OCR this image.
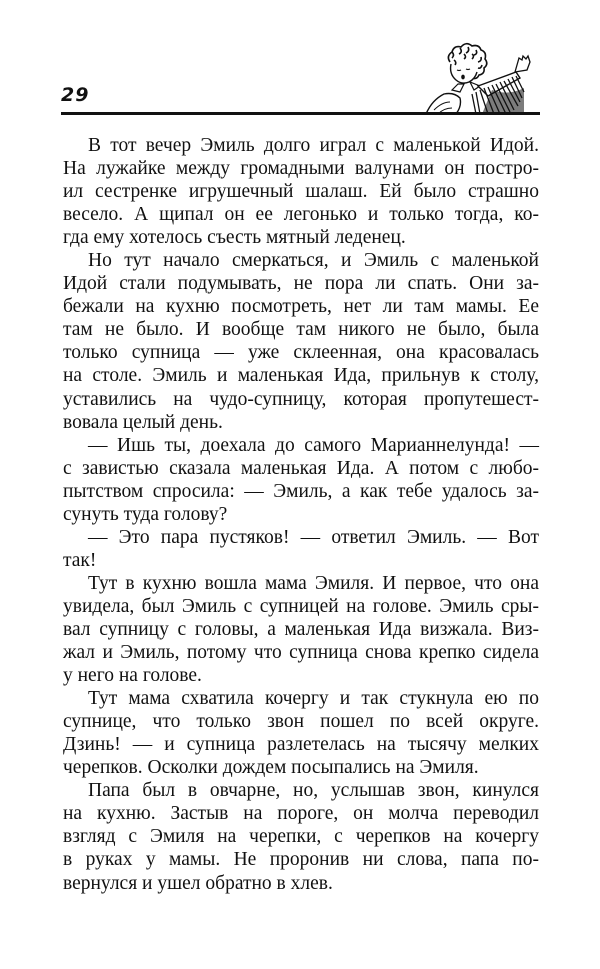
29
В тот вечер Эмиль долго играл с маленькой Идой.
На лужайке между громадными валунами он постро-
ил сестренке игрушечный шалаш. Ей было страшно
весело. А щипал он ее легонько и только тогда, ко-
гда ему хотелось съесть мятный леденец.
Но тут начало смеркаться, и Эмиль с маленькой
Идой стали подумывать, не пора ли спать. Они за-
бежали на кухню посмотреть, нет ли там мамы. Ее
там не было. И вообще там никого не было, была
только супница — уже склеенная, она красовалась
на столе. Эмиль и маленькая Ида, прильнув к столу,
уставились на чудо-супницу, которая пропутешест-
вовала целый день.
— Ишь ты, доехала до самого Марианнелунда! —
с завистью сказала маленькая Ида. А потом с любо-
пытством спросила: — Эмиль, а как тебе удалось за-
сунуть туда голову?
— Это пара пустяков! — ответил Эмиль. — Вот
так!
Тут в кухню вошла мама Эмиля. И первое, что она
увидела, был Эмиль с супницей на голове. Эмиль сры-
вал супницу с головы, а маленькая Ида визжала. Виз-
жал и Эмиль, потому что супница снова крепко сидела
у него на голове.
Тут мама схватила кочергу и так стукнула ею по
супнице, что только звон пошел по всей округе.
Дзинь! — и супница разлетелась на тысячу мелких
черепков. Осколки дождем посыпались на Эмиля.
Папа был в овчарне, но, услышав звон, кинулся
на кухню. Застыв на пороге, он молча переводил
взгляд с Эмиля на черепки, с черепков на кочергу
в руках у мамы. Не проронив ни слова, папа по-
вернулся и ушел обратно в хлев.
